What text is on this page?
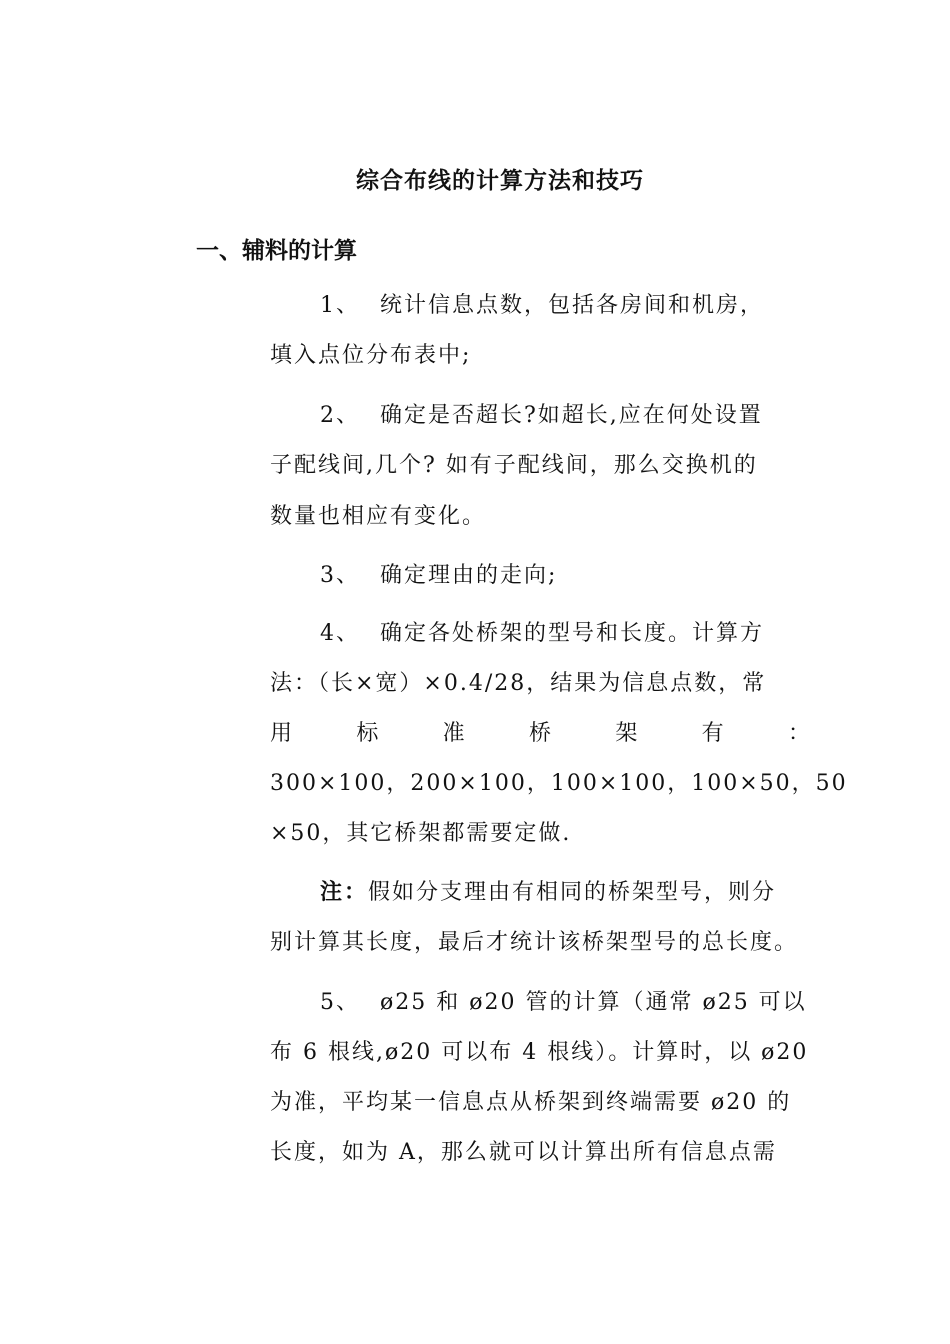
综合布线的计算方法和技巧
一、辅料的计算
1、 统计信息点数，包括各房间和机房，
填入点位分布表中;
2、 确定是否超长?如超长,应在何处设置
子配线间,几个? 如有子配线间，那么交换机的
数量也相应有变化。
3、 确定理由的走向;
4、 确定各处桥架的型号和长度。计算方
法：（长×宽）×0.4/28，结果为信息点数，常
用	标	准	桥	架	有	：
300×100，200×100，100×100，100×50，50
×50，其它桥架都需要定做.
注：假如分支理由有相同的桥架型号，则分
别计算其长度，最后才统计该桥架型号的总长度。
5、 ø25 和 ø20 管的计算（通常 ø25 可以
布 6 根线,ø20 可以布 4 根线）。计算时，以 ø20
为准，平均某一信息点从桥架到终端需要 ø20 的
长度，如为 A，那么就可以计算出所有信息点需
